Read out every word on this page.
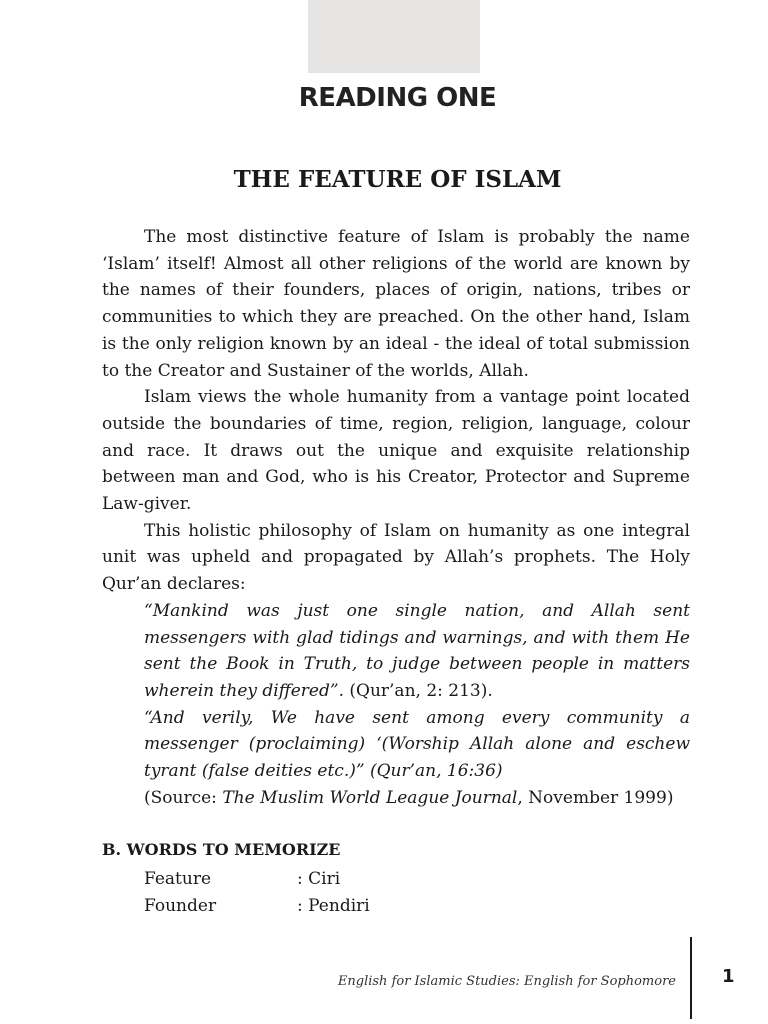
READING ONE
THE FEATURE OF ISLAM

The most distinctive feature of Islam is probably the name ‘Islam’ itself! Almost all other religions of the world are known by the names of their founders, places of origin, nations, tribes or communities to which they are preached. On the other hand, Islam is the only religion known by an ideal - the ideal of total submission to the Creator and Sustainer of the worlds, Allah.

Islam views the whole humanity from a vantage point located outside the boundaries of time, region, religion, language, colour and race. It draws out the unique and exquisite relationship between man and God, who is his Creator, Protector and Supreme Law-giver.

This holistic philosophy of Islam on humanity as one integral unit was upheld and propagated by Allah’s prophets. The Holy Qur’an declares:

“Mankind was just one single nation, and Allah sent messengers with glad tidings and warnings, and with them He sent the Book in Truth, to judge between people in matters wherein they differed”. (Qur’an, 2: 213).

“And verily, We have sent among every community a messenger (proclaiming) ‘(Worship Allah alone and eschew tyrant (false deities etc.)” (Qur’an, 16:36)

(Source: The Muslim World League Journal, November 1999)

B. WORDS TO MEMORIZE
Feature	: Ciri
Founder	: Pendiri
English for Islamic Studies: English for Sophomore	1
